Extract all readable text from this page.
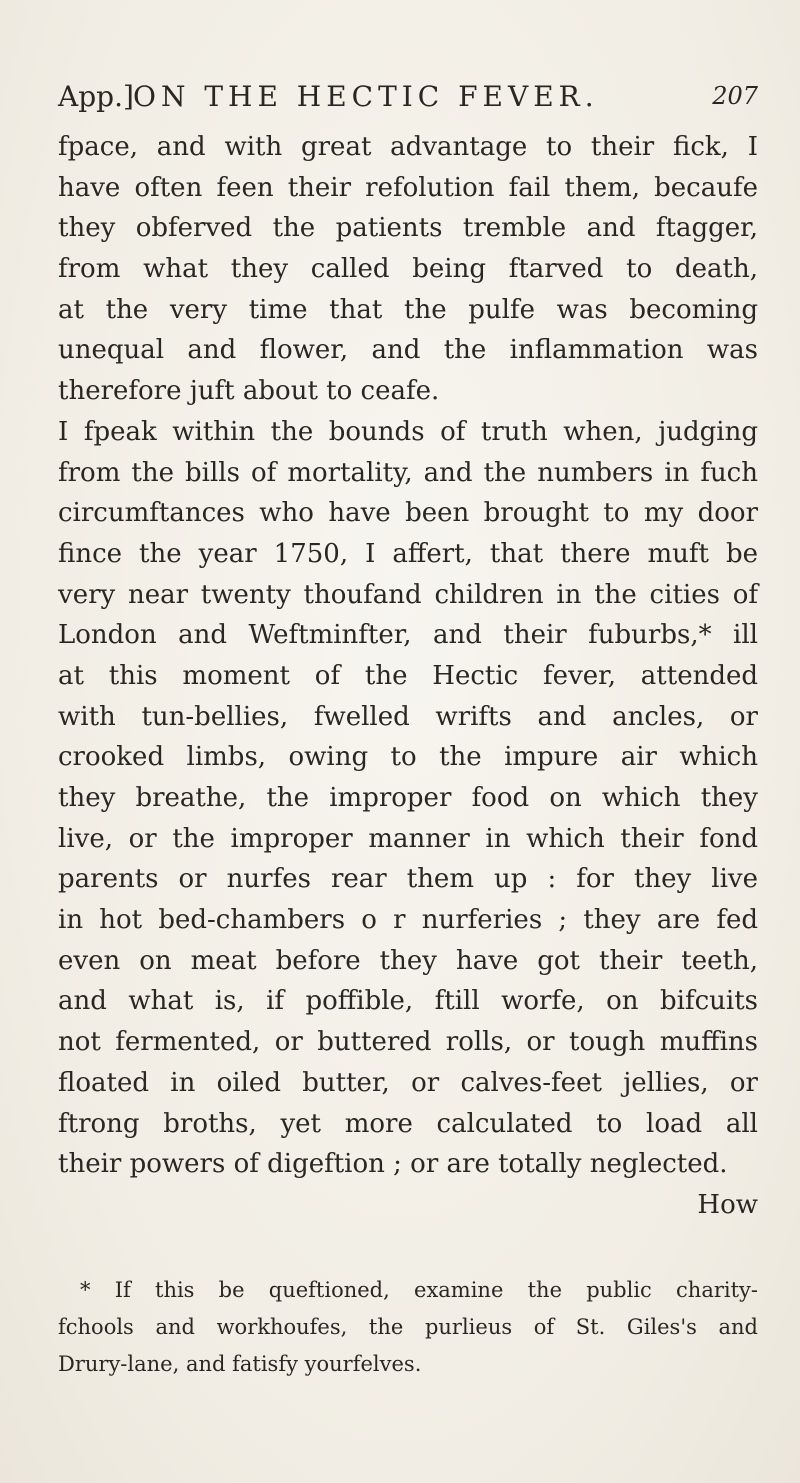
App.] ON THE HECTIC FEVER.	207
fpace, and with great advantage to their fick, I
have often feen their refolution fail them, becaufe
they obferved the patients tremble and ftagger,
from what they called being ftarved to death,
at the very time that the pulfe was becoming
unequal and flower, and the inflammation was
therefore juft about to ceafe.
I fpeak within the bounds of truth when, judging
from the bills of mortality, and the numbers in fuch
circumftances who have been brought to my door
fince the year 1750, I affert, that there muft be
very near twenty thoufand children in the cities of
London and Weftminfter, and their fuburbs,* ill
at this moment of the Hectic fever, attended
with tun-bellies, fwelled wrifts and ancles, or
crooked limbs, owing to the impure air which
they breathe, the improper food on which they
live, or the improper manner in which their fond
parents or nurfes rear them up : for they live
in hot bed-chambers o r nurferies ; they are fed
even on meat before they have got their teeth,
and what is, if poffible, ftill worfe, on bifcuits
not fermented, or buttered rolls, or tough muffins
floated in oiled butter, or calves-feet jellies, or
ftrong broths, yet more calculated to load all
their powers of digeftion ; or are totally neglected.
How
* If this be queftioned, examine the public charity-
fchools and workhoufes, the purlieus of St. Giles's and
Drury-lane, and fatisfy yourfelves.
